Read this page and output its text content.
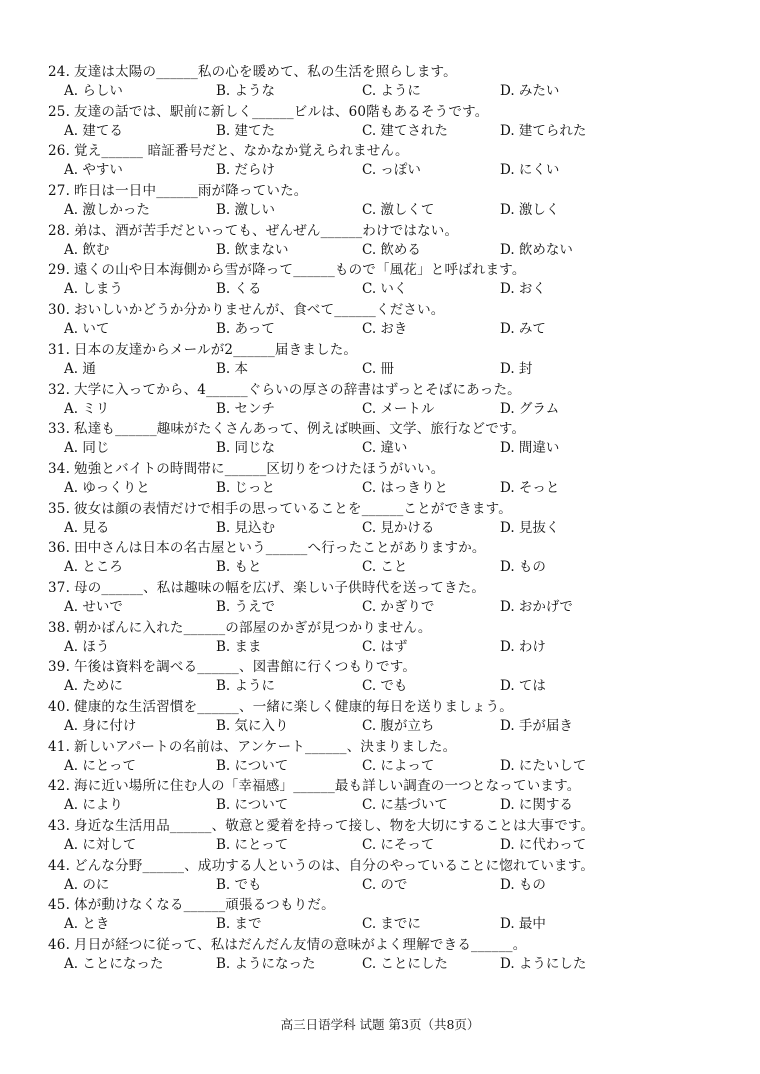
24. 友達は太陽の______私の心を暖めて、私の生活を照らします。
A. らしい	B. ような	C. ように	D. みたい
25. 友達の話では、駅前に新しく______ビルは、60階もあるそうです。
A. 建てる	B. 建てた	C. 建てされた	D. 建てられた
26. 覚え______ 暗証番号だと、なかなか覚えられません。
A. やすい	B. だらけ	C. っぽい	D. にくい
27. 昨日は一日中______雨が降っていた。
A. 激しかった	B. 激しい	C. 激しくて	D. 激しく
28. 弟は、酒が苦手だといっても、ぜんぜん______わけではない。
A. 飲む	B. 飲まない	C. 飲める	D. 飲めない
29. 遠くの山や日本海側から雪が降って______もので「風花」と呼ばれます。
A. しまう	B. くる	C. いく	D. おく
30. おいしいかどうか分かりませんが、食べて______ください。
A. いて	B. あって	C. おき	D. みて
31. 日本の友達からメールが2______届きました。
A. 通	B. 本	C. 冊	D. 封
32. 大学に入ってから、4______ぐらいの厚さの辞書はずっとそばにあった。
A. ミリ	B. センチ	C. メートル	D. グラム
33. 私達も______趣味がたくさんあって、例えば映画、文学、旅行などです。
A. 同じ	B. 同じな	C. 違い	D. 間違い
34. 勉強とバイトの時間帯に______区切りをつけたほうがいい。
A. ゆっくりと	B. じっと	C. はっきりと	D. そっと
35. 彼女は顔の表情だけで相手の思っていることを______ことができます。
A. 見る	B. 見込む	C. 見かける	D. 見抜く
36. 田中さんは日本の名古屋という______へ行ったことがありますか。
A. ところ	B. もと	C. こと	D. もの
37. 母の______、私は趣味の幅を広げ、楽しい子供時代を送ってきた。
A. せいで	B. うえで	C. かぎりで	D. おかげで
38. 朝かばんに入れた______の部屋のかぎが見つかりません。
A. ほう	B. まま	C. はず	D. わけ
39. 午後は資料を調べる______、図書館に行くつもりです。
A. ために	B. ように	C. でも	D. ては
40. 健康的な生活習慣を______、一緒に楽しく健康的毎日を送りましょう。
A. 身に付け	B. 気に入り	C. 腹が立ち	D. 手が届き
41. 新しいアパートの名前は、アンケート______、決まりました。
A. にとって	B. について	C. によって	D. にたいして
42. 海に近い場所に住む人の「幸福感」______最も詳しい調査の一つとなっています。
A. により	B. について	C. に基づいて	D. に関する
43. 身近な生活用品______、敬意と愛着を持って接し、物を大切にすることは大事です。
A. に対して	B. にとって	C. にそって	D. に代わって
44. どんな分野______、成功する人というのは、自分のやっていることに惚れています。
A. のに	B. でも	C. ので	D. もの
45. 体が動けなくなる______頑張るつもりだ。
A. とき	B. まで	C. までに	D. 最中
46. 月日が経つに従って、私はだんだん友情の意味がよく理解できる______。
A. ことになった	B. ようになった	C. ことにした	D. ようにした
高三日语学科 试题 第3页（共8页）
